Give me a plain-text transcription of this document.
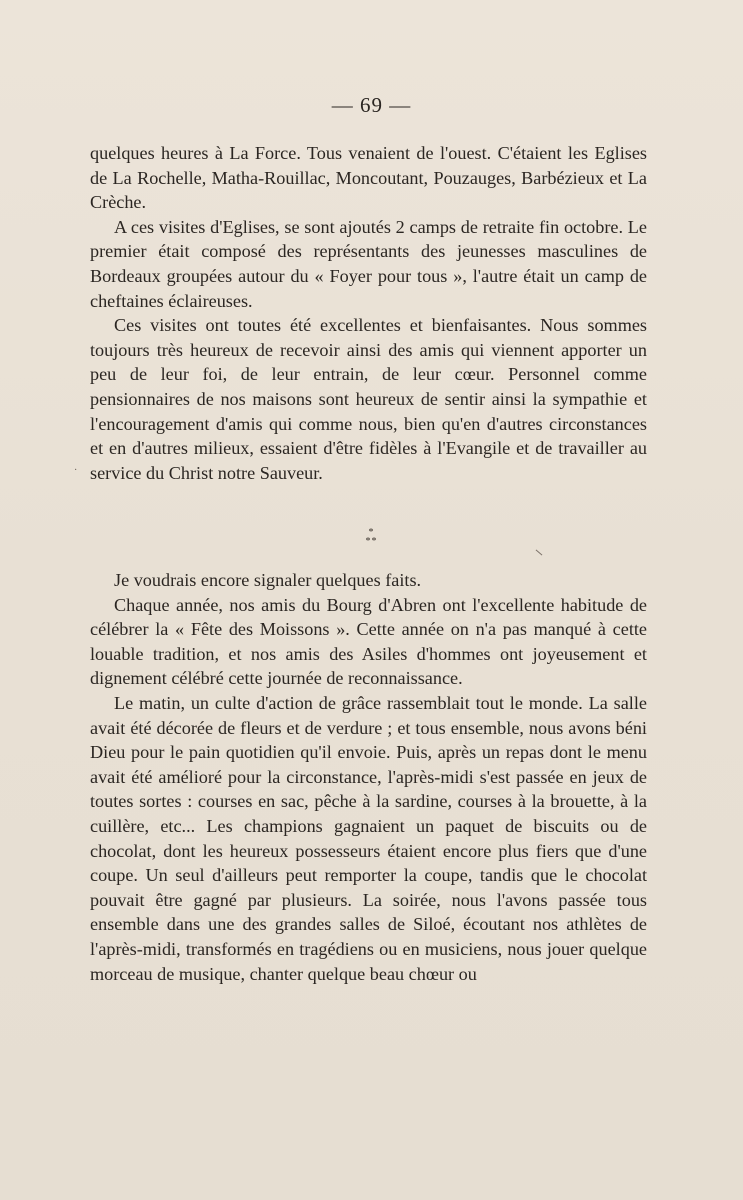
— 69 —

quelques heures à La Force. Tous venaient de l'ouest. C'étaient les Eglises de La Rochelle, Matha-Rouillac, Moncoutant, Pouzauges, Barbézieux et La Crèche.

A ces visites d'Eglises, se sont ajoutés 2 camps de retraite fin octobre. Le premier était composé des représentants des jeunesses masculines de Bordeaux groupées autour du « Foyer pour tous », l'autre était un camp de cheftaines éclaireuses.

Ces visites ont toutes été excellentes et bienfaisantes. Nous sommes toujours très heureux de recevoir ainsi des amis qui viennent apporter un peu de leur foi, de leur entrain, de leur cœur. Personnel comme pensionnaires de nos maisons sont heureux de sentir ainsi la sympathie et l'encouragement d'amis qui comme nous, bien qu'en d'autres circonstances et en d'autres milieux, essaient d'être fidèles à l'Evangile et de travailler au service du Christ notre Sauveur.

·
*
**

Je voudrais encore signaler quelques faits.

Chaque année, nos amis du Bourg d'Abren ont l'excellente habitude de célébrer la « Fête des Moissons ». Cette année on n'a pas manqué à cette louable tradition, et nos amis des Asiles d'hommes ont joyeusement et dignement célébré cette journée de reconnaissance.

Le matin, un culte d'action de grâce rassemblait tout le monde. La salle avait été décorée de fleurs et de verdure ; et tous ensemble, nous avons béni Dieu pour le pain quotidien qu'il envoie. Puis, après un repas dont le menu avait été amélioré pour la circonstance, l'après-midi s'est passée en jeux de toutes sortes : courses en sac, pêche à la sardine, courses à la brouette, à la cuillère, etc... Les champions gagnaient un paquet de biscuits ou de chocolat, dont les heureux possesseurs étaient encore plus fiers que d'une coupe. Un seul d'ailleurs peut remporter la coupe, tandis que le chocolat pouvait être gagné par plusieurs. La soirée, nous l'avons passée tous ensemble dans une des grandes salles de Siloé, écoutant nos athlètes de l'après-midi, transformés en tragédiens ou en musiciens, nous jouer quelque morceau de musique, chanter quelque beau chœur ou
